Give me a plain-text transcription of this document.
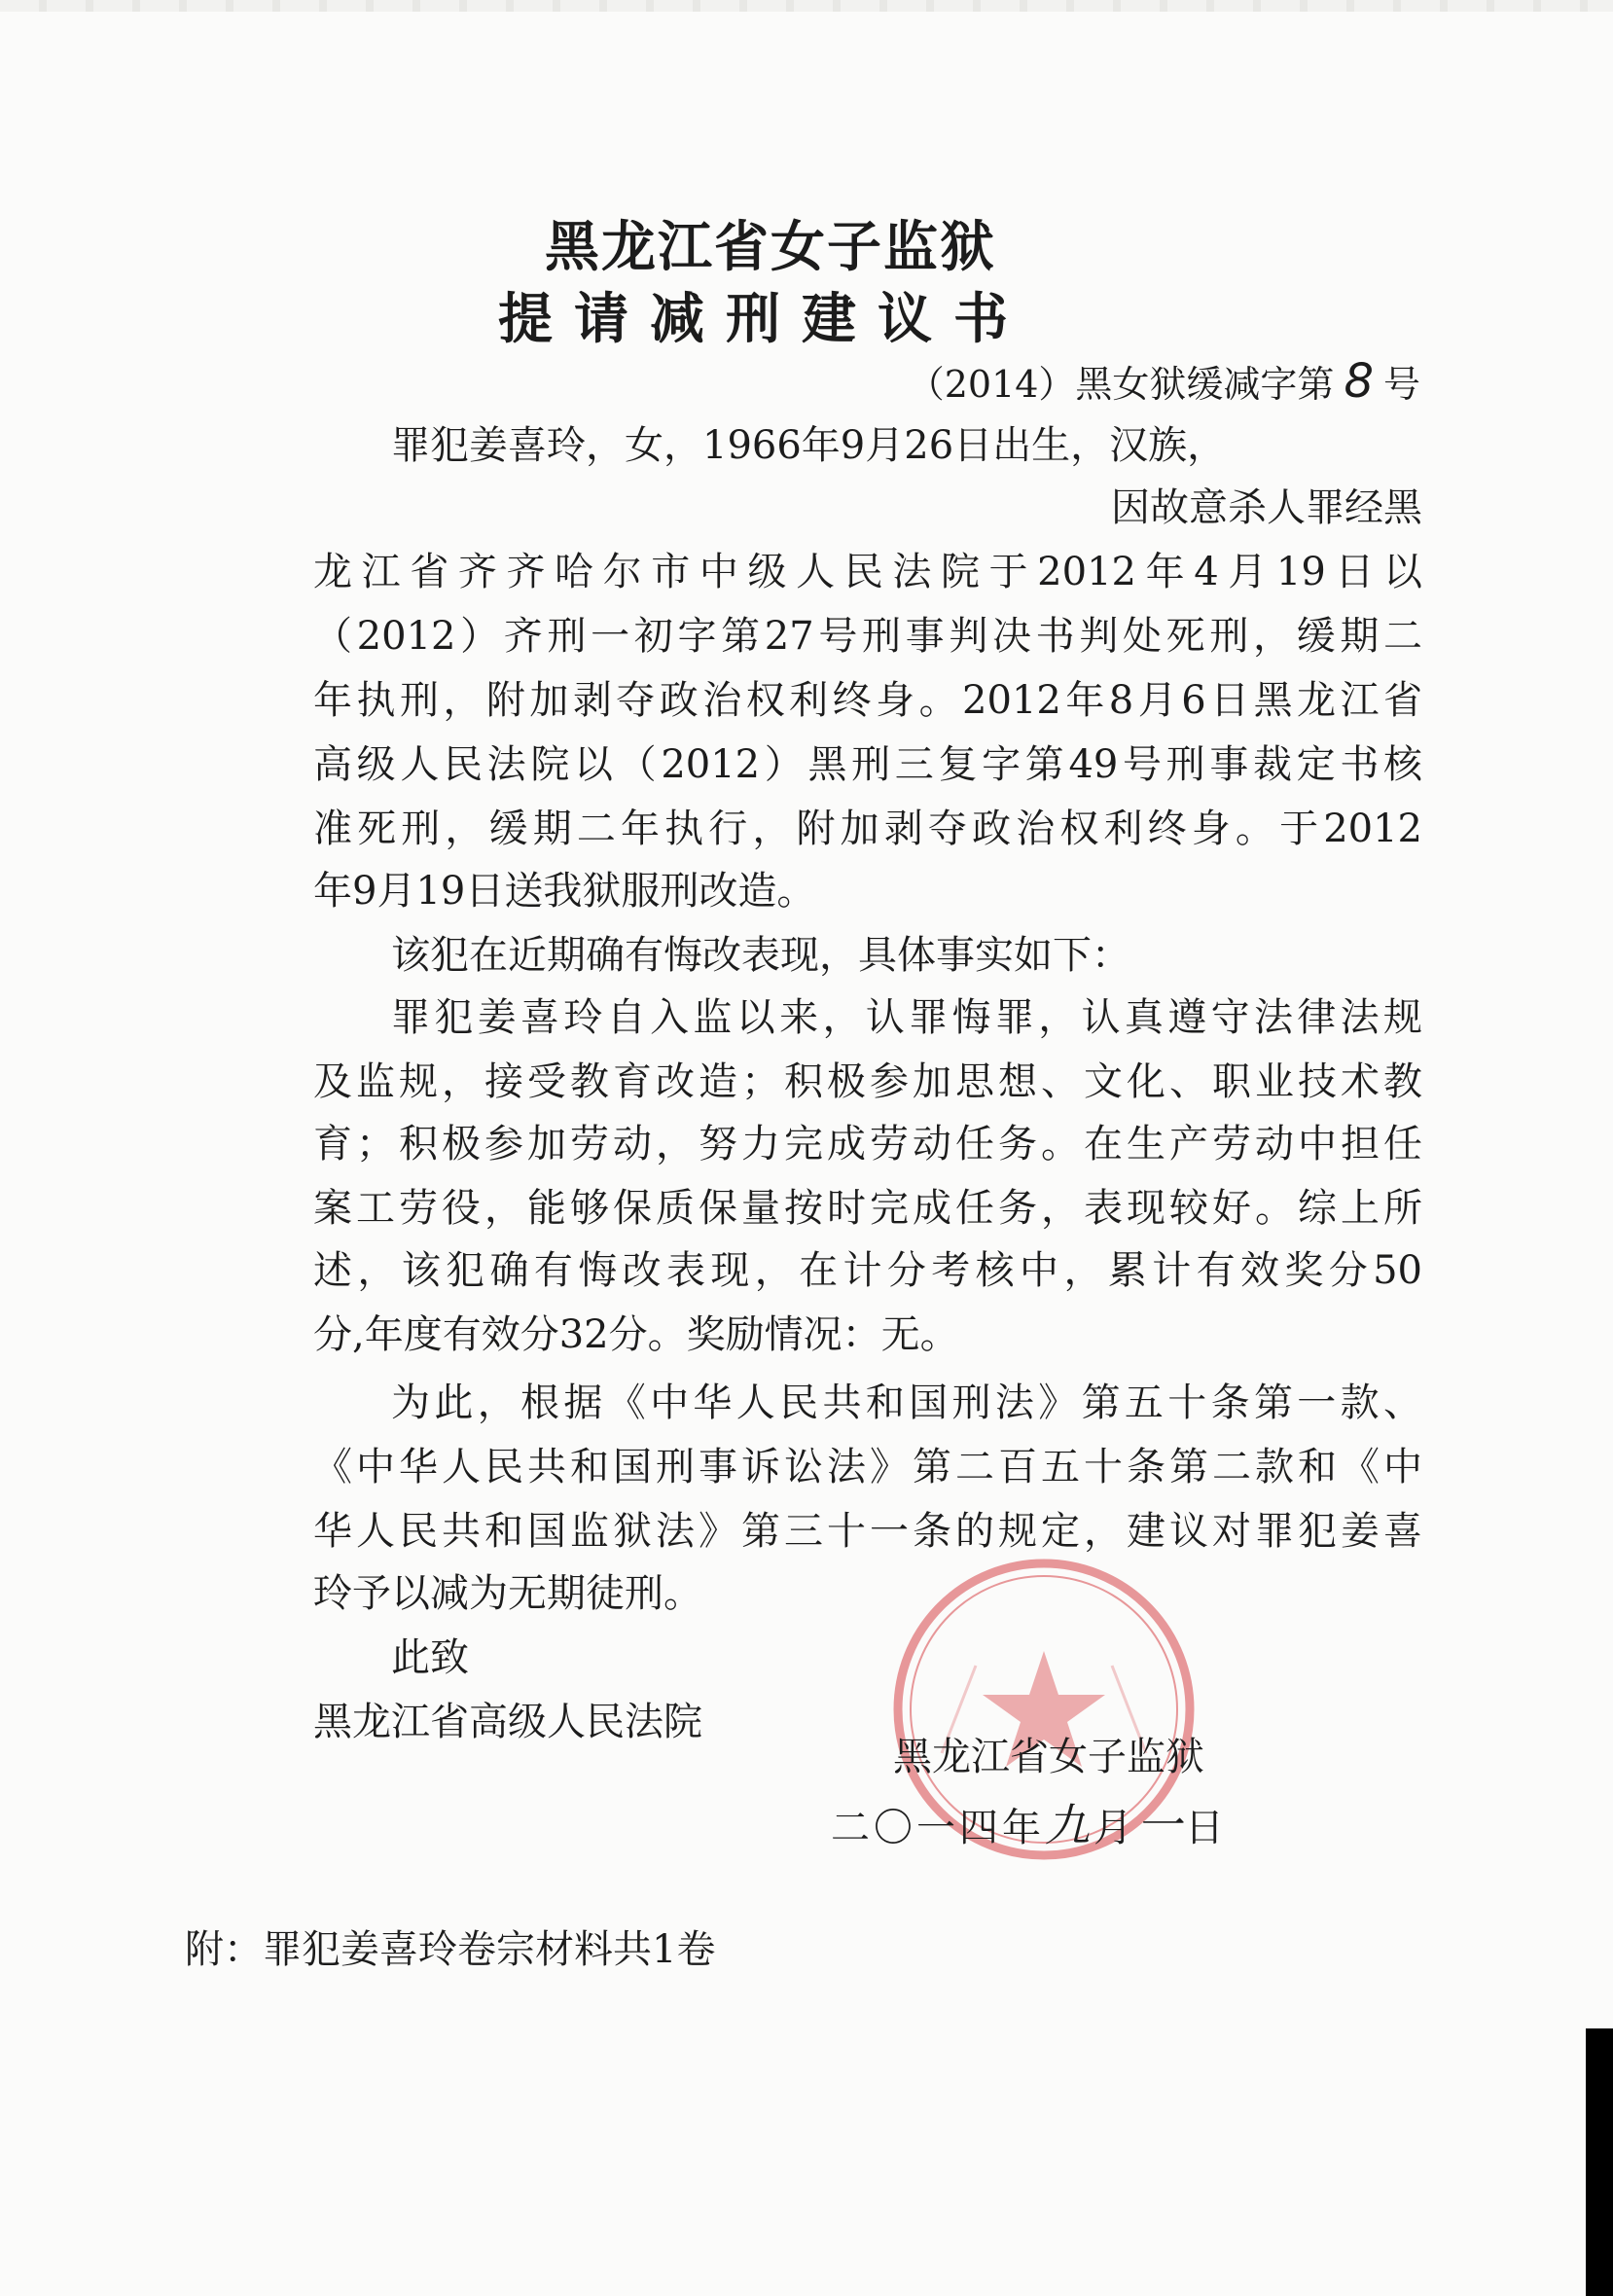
黑龙江省女子监狱
提请减刑建议书
（2014）黑女狱缓减字第 8 号
罪犯姜喜玲，女，1966年9月26日出生，汉族，
因故意杀人罪经黑
龙江省齐齐哈尔市中级人民法院于2012年4月19日以
（2012）齐刑一初字第27号刑事判决书判处死刑，缓期二
年执刑，附加剥夺政治权利终身。2012年8月6日黑龙江省
高级人民法院以（2012）黑刑三复字第49号刑事裁定书核
准死刑，缓期二年执行，附加剥夺政治权利终身。于2012
年9月19日送我狱服刑改造。
该犯在近期确有悔改表现，具体事实如下：
罪犯姜喜玲自入监以来，认罪悔罪，认真遵守法律法规
及监规，接受教育改造；积极参加思想、文化、职业技术教
育；积极参加劳动，努力完成劳动任务。在生产劳动中担任
案工劳役，能够保质保量按时完成任务，表现较好。综上所
述，该犯确有悔改表现，在计分考核中，累计有效奖分50
分,年度有效分32分。奖励情况：无。
为此，根据《中华人民共和国刑法》第五十条第一款、
《中华人民共和国刑事诉讼法》第二百五十条第二款和《中
华人民共和国监狱法》第三十一条的规定，建议对罪犯姜喜
玲予以减为无期徒刑。
此致
黑龙江省高级人民法院
黑龙江省女子监狱
二〇一四年九月一日
附：罪犯姜喜玲卷宗材料共1卷
